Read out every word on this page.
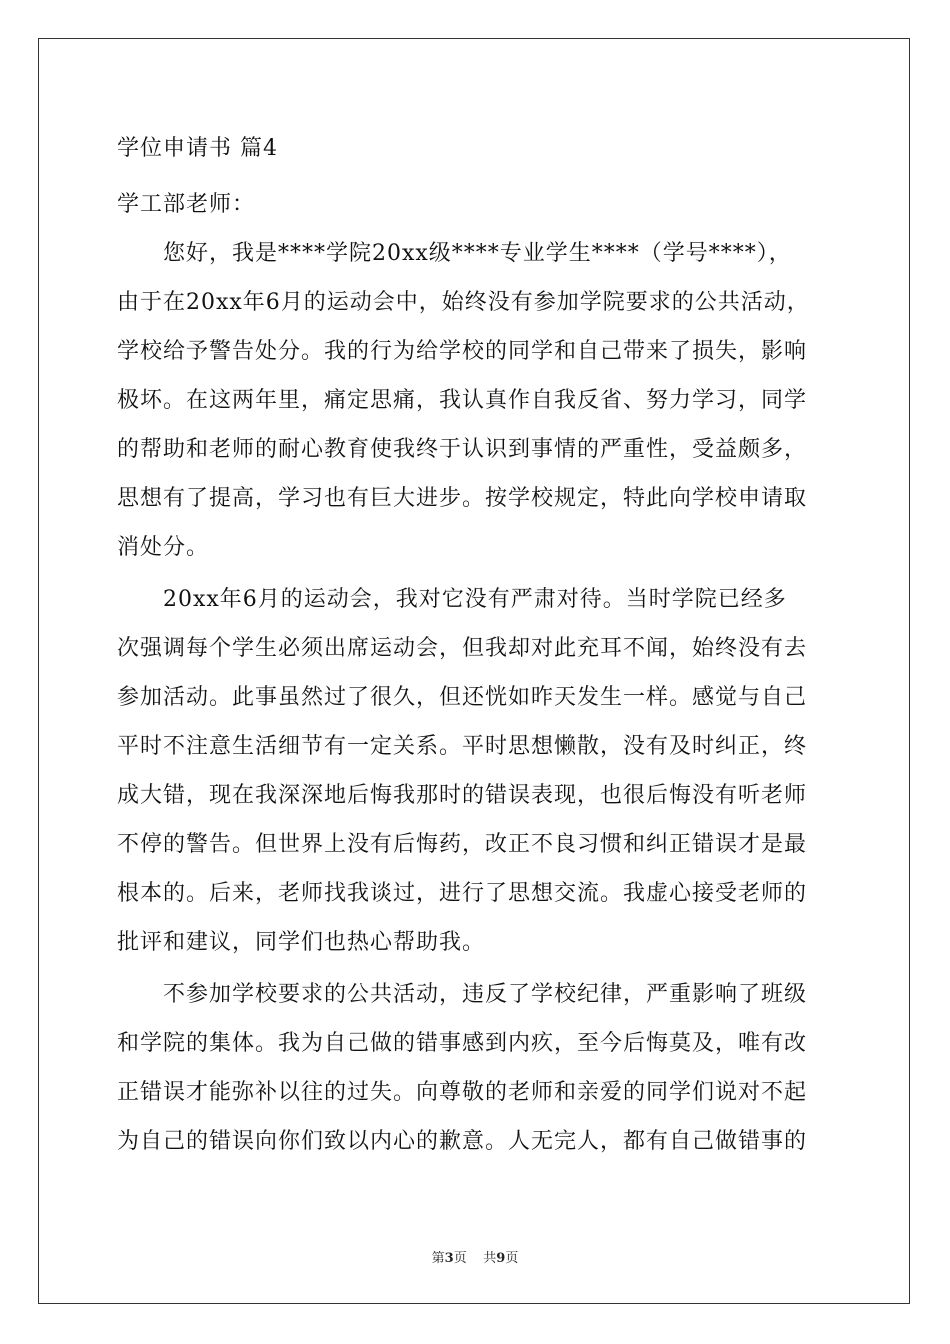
学位申请书 篇4
学工部老师：
　　您好，我是****学院20xx级****专业学生****（学号****），
由于在20xx年6月的运动会中，始终没有参加学院要求的公共活动，
学校给予警告处分。我的行为给学校的同学和自己带来了损失，影响
极坏。在这两年里，痛定思痛，我认真作自我反省、努力学习，同学
的帮助和老师的耐心教育使我终于认识到事情的严重性，受益颇多，
思想有了提高，学习也有巨大进步。按学校规定，特此向学校申请取
消处分。
　　20xx年6月的运动会，我对它没有严肃对待。当时学院已经多
次强调每个学生必须出席运动会，但我却对此充耳不闻，始终没有去
参加活动。此事虽然过了很久，但还恍如昨天发生一样。感觉与自己
平时不注意生活细节有一定关系。平时思想懒散，没有及时纠正，终
成大错，现在我深深地后悔我那时的错误表现，也很后悔没有听老师
不停的警告。但世界上没有后悔药，改正不良习惯和纠正错误才是最
根本的。后来，老师找我谈过，进行了思想交流。我虚心接受老师的
批评和建议，同学们也热心帮助我。
　　不参加学校要求的公共活动，违反了学校纪律，严重影响了班级
和学院的集体。我为自己做的错事感到内疚，至今后悔莫及，唯有改
正错误才能弥补以往的过失。向尊敬的老师和亲爱的同学们说对不起
为自己的错误向你们致以内心的歉意。人无完人，都有自己做错事的
第3页 共9页
